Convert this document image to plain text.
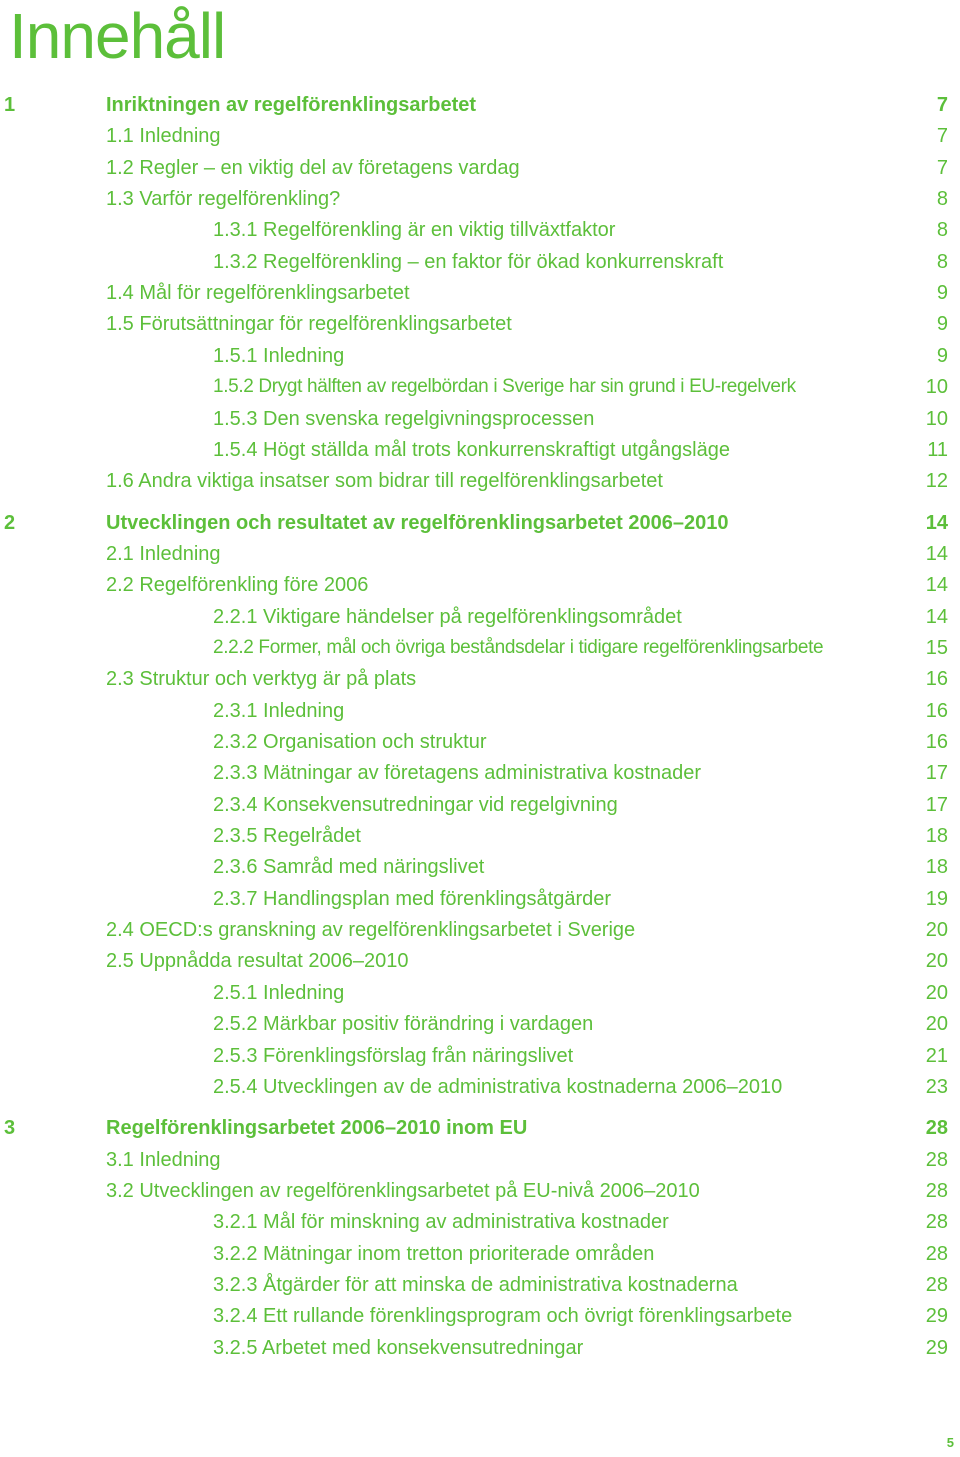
Innehåll
1	Inriktningen av regelförenklingsarbetet	7
1.1 Inledning	7
1.2 Regler – en viktig del av företagens vardag	7
1.3 Varför regelförenkling?	8
1.3.1 Regelförenkling är en viktig tillväxtfaktor	8
1.3.2 Regelförenkling – en faktor för ökad konkurrenskraft	8
1.4 Mål för regelförenklingsarbetet	9
1.5 Förutsättningar för regelförenklingsarbetet	9
1.5.1 Inledning	9
1.5.2 Drygt hälften av regelbördan i Sverige har sin grund i EU-regelverk	10
1.5.3 Den svenska regelgivningsprocessen	10
1.5.4 Högt ställda mål trots konkurrenskraftigt utgångsläge	11
1.6 Andra viktiga insatser som bidrar till regelförenklingsarbetet	12
2	Utvecklingen och resultatet av regelförenklingsarbetet 2006–2010	14
2.1 Inledning	14
2.2 Regelförenkling före 2006	14
2.2.1 Viktigare händelser på regelförenklingsområdet	14
2.2.2 Former, mål och övriga beståndsdelar i tidigare regelförenklingsarbete	15
2.3 Struktur och verktyg är på plats	16
2.3.1 Inledning	16
2.3.2 Organisation och struktur	16
2.3.3 Mätningar av företagens administrativa kostnader	17
2.3.4 Konsekvensutredningar vid regelgivning	17
2.3.5 Regelrådet	18
2.3.6 Samråd med näringslivet	18
2.3.7 Handlingsplan med förenklingsåtgärder	19
2.4 OECD:s granskning av regelförenklingsarbetet i Sverige	20
2.5 Uppnådda resultat 2006–2010	20
2.5.1 Inledning	20
2.5.2 Märkbar positiv förändring i vardagen	20
2.5.3 Förenklingsförslag från näringslivet	21
2.5.4 Utvecklingen av de administrativa kostnaderna 2006–2010	23
3	Regelförenklingsarbetet 2006–2010 inom EU	28
3.1 Inledning	28
3.2 Utvecklingen av regelförenklingsarbetet på EU-nivå 2006–2010	28
3.2.1 Mål för minskning av administrativa kostnader	28
3.2.2 Mätningar inom tretton prioriterade områden	28
3.2.3 Åtgärder för att minska de administrativa kostnaderna	28
3.2.4 Ett rullande förenklingsprogram och övrigt förenklingsarbete	29
3.2.5 Arbetet med konsekvensutredningar	29
5
